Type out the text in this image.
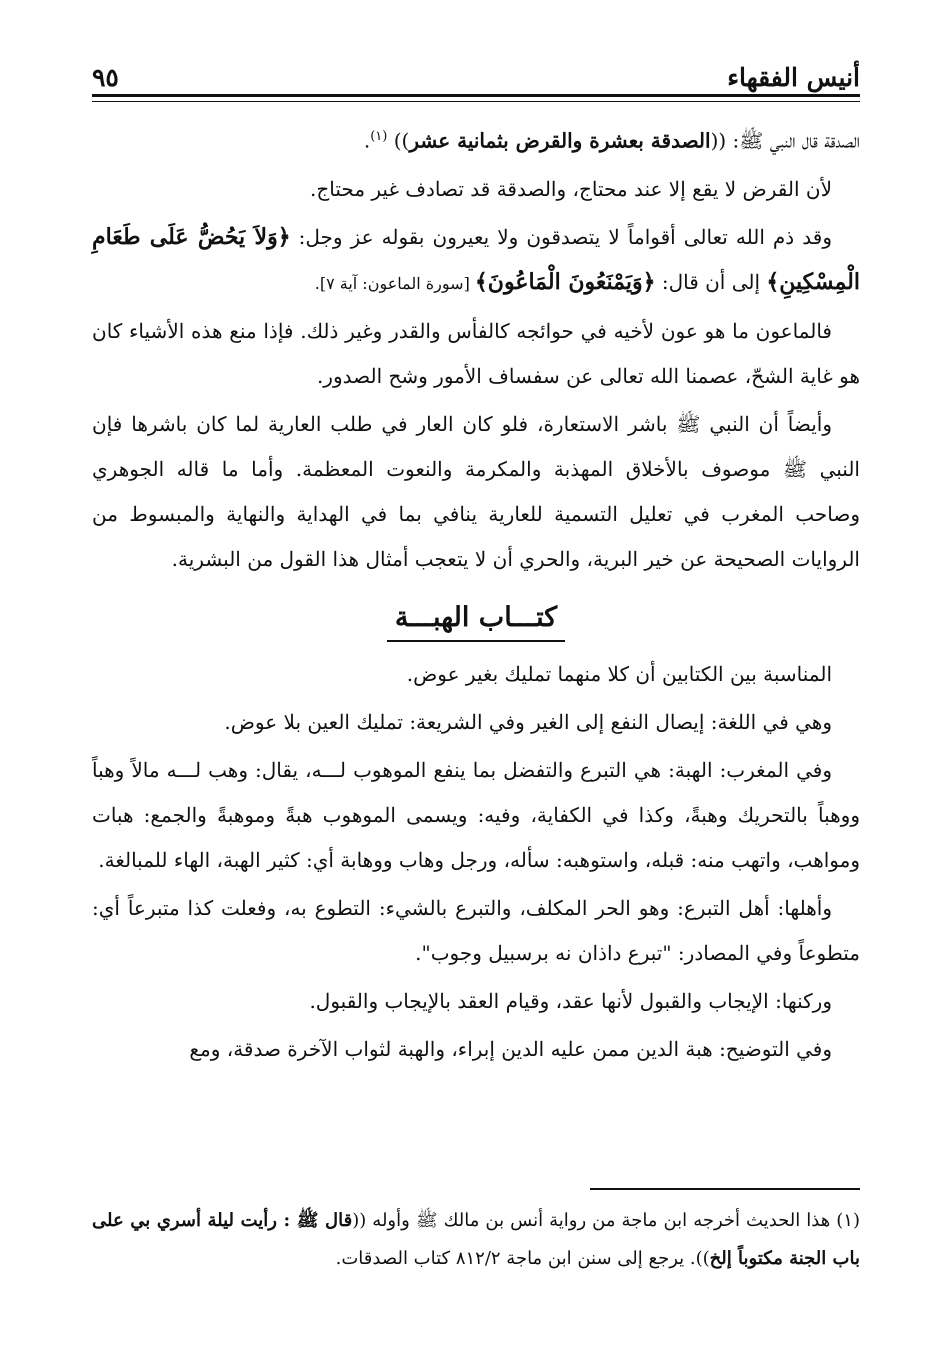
أنيس الفقهاء
٩٥

الصدقة قال النبي ﷺ: ((الصدقة بعشرة والقرض بثمانية عشر)) $^{(١)}$.

لأن القرض لا يقع إلا عند محتاج، والصدقة قد تصادف غير محتاج.

وقد ذم الله تعالى أقواماً لا يتصدقون ولا يعيرون بقوله عز وجل: ﴿وَلاَ يَحُضُّ عَلَى طَعَامِ الْمِسْكِينِ﴾ إلى أن قال: ﴿وَيَمْنَعُونَ الْمَاعُونَ﴾ [سورة الماعون: آية ٧].

فالماعون ما هو عون لأخيه في حوائجه كالفأس والقدر وغير ذلك. فإذا منع هذه الأشياء كان هو غاية الشحّ، عصمنا الله تعالى عن سفساف الأمور وشح الصدور.

وأيضاً أن النبي ﷺ باشر الاستعارة، فلو كان العار في طلب العارية لما كان باشرها فإن النبي ﷺ موصوف بالأخلاق المهذبة والمكرمة والنعوت المعظمة. وأما ما قاله الجوهري وصاحب المغرب في تعليل التسمية للعارية ينافي بما في الهداية والنهاية والمبسوط من الروايات الصحيحة عن خير البرية، والحري أن لا يتعجب أمثال هذا القول من البشرية.

كتـــاب الهبـــة

المناسبة بين الكتابين أن كلا منهما تمليك بغير عوض.

وهي في اللغة: إيصال النفع إلى الغير وفي الشريعة: تمليك العين بلا عوض.

وفي المغرب: الهبة: هي التبرع والتفضل بما ينفع الموهوب لـــه، يقال: وهب لـــه مالاً وهباً ووهباً بالتحريك وهبةً، وكذا في الكفاية، وفيه: ويسمى الموهوب هبةً وموهبةً والجمع: هبات ومواهب، واتهب منه: قبله، واستوهبه: سأله، ورجل وهاب ووهابة أي: كثير الهبة، الهاء للمبالغة.

وأهلها: أهل التبرع: وهو الحر المكلف، والتبرع بالشيء: التطوع به، وفعلت كذا متبرعاً أي: متطوعاً وفي المصادر: "تبرع داذان نه برسبيل وجوب".

وركنها: الإيجاب والقبول لأنها عقد، وقيام العقد بالإيجاب والقبول.

وفي التوضيح: هبة الدين ممن عليه الدين إبراء، والهبة لثواب الآخرة صدقة، ومع

(١) هذا الحديث أخرجه ابن ماجة من رواية أنس بن مالك ﷺ وأوله ((قال ﷺ : رأيت ليلة أسري بي على باب الجنة مكتوباً إلخ)). يرجع إلى سنن ابن ماجة ٨١٢/٢ كتاب الصدقات.
